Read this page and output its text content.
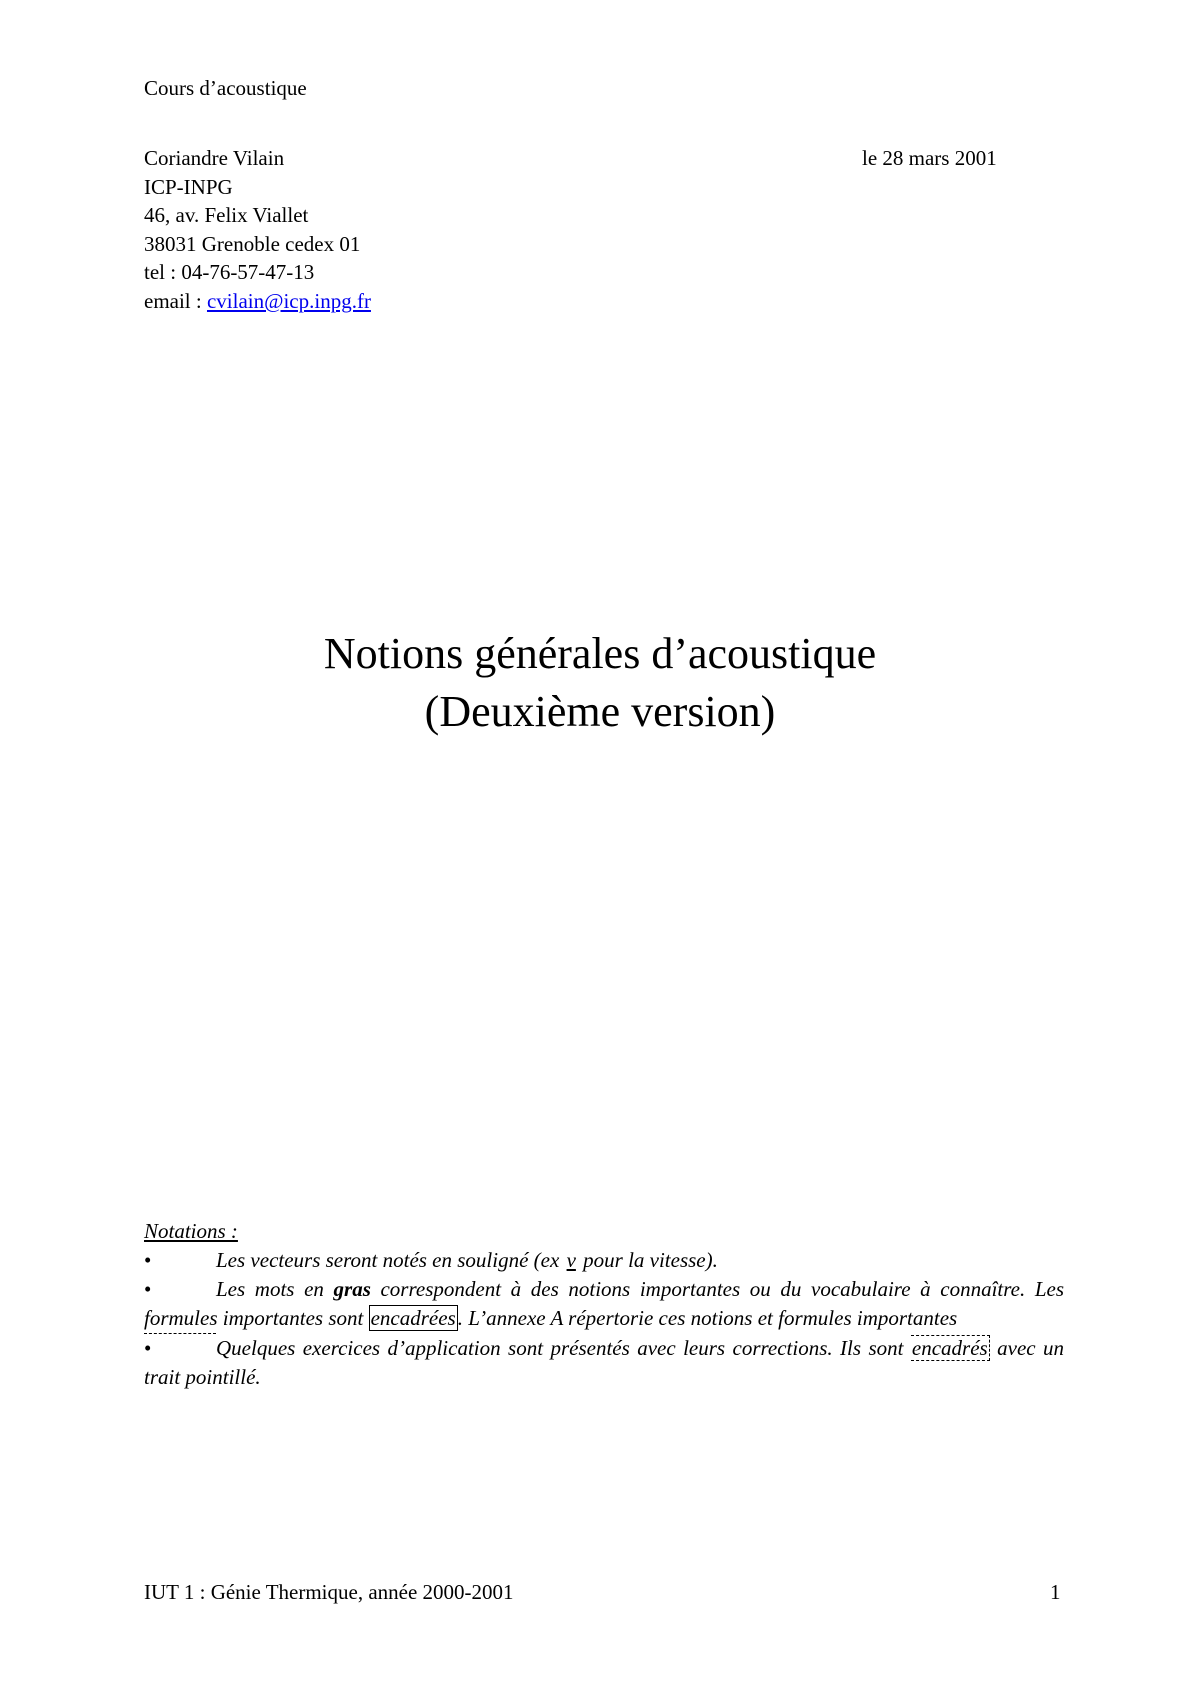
Cours d’acoustique
Coriandre Vilain
ICP-INPG
46, av. Felix Viallet
38031 Grenoble cedex 01
tel : 04-76-57-47-13
email : cvilain@icp.inpg.fr
le 28 mars 2001
Notions générales d’acoustique
(Deuxième version)
Notations :

•	Les vecteurs seront notés en souligné (ex v pour la vitesse).

•	Les mots en gras correspondent à des notions importantes ou du vocabulaire à connaître. Les formules importantes sont encadrées. L’annexe A répertorie ces notions et formules importantes

•	Quelques exercices d’application sont présentés avec leurs corrections. Ils sont encadrés avec un trait pointillé.

IUT 1 : Génie Thermique, année 2000-2001	1
